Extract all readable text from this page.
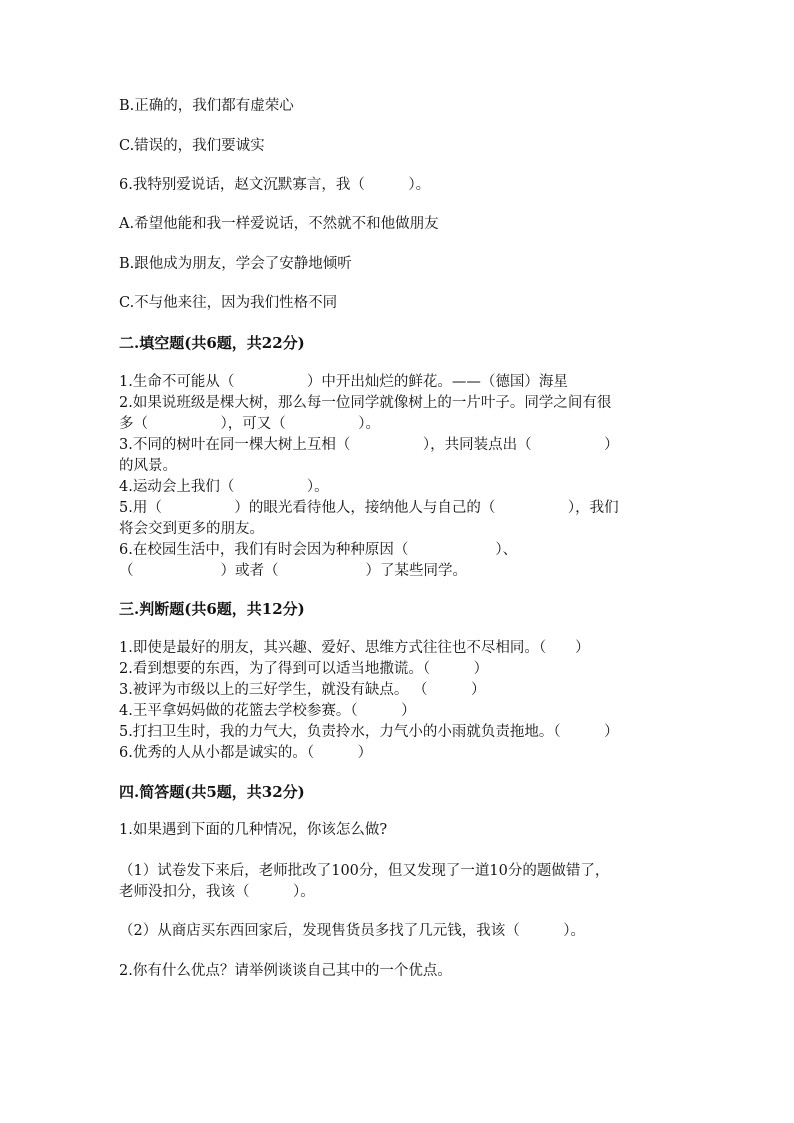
B.正确的，我们都有虚荣心
C.错误的，我们要诚实
6.我特别爱说话，赵文沉默寡言，我（　　　）。
A.希望他能和我一样爱说话，不然就不和他做朋友
B.跟他成为朋友，学会了安静地倾听
C.不与他来往，因为我们性格不同
二.填空题(共6题，共22分)
1.生命不可能从（　　　　　）中开出灿烂的鲜花。——（德国）海星
2.如果说班级是棵大树，那么每一位同学就像树上的一片叶子。同学之间有很
多（　　　　　），可又（　　　　　）。
3.不同的树叶在同一棵大树上互相（　　　　　），共同装点出（　　　　　）
的风景。
4.运动会上我们（　　　　　）。
5.用（　　　　　）的眼光看待他人，接纳他人与自己的（　　　　　），我们
将会交到更多的朋友。
6.在校园生活中，我们有时会因为种种原因（　　　　　　）、
（　　　　　　）或者（　　　　　　）了某些同学。
三.判断题(共6题，共12分)
1.即使是最好的朋友，其兴趣、爱好、思维方式往往也不尽相同。（　　）
2.看到想要的东西，为了得到可以适当地撒谎。（　　　）
3.被评为市级以上的三好学生，就没有缺点。 （　　　）
4.王平拿妈妈做的花篮去学校参赛。（　　　）
5.打扫卫生时，我的力气大，负责拎水，力气小的小雨就负责拖地。（　　　）
6.优秀的人从小都是诚实的。（　　　）
四.简答题(共5题，共32分)
1.如果遇到下面的几种情况，你该怎么做?
（1）试卷发下来后，老师批改了100分，但又发现了一道10分的题做错了，
老师没扣分，我该（　　　）。
（2）从商店买东西回家后，发现售货员多找了几元钱，我该（　　　）。
2.你有什么优点？请举例谈谈自己其中的一个优点。
